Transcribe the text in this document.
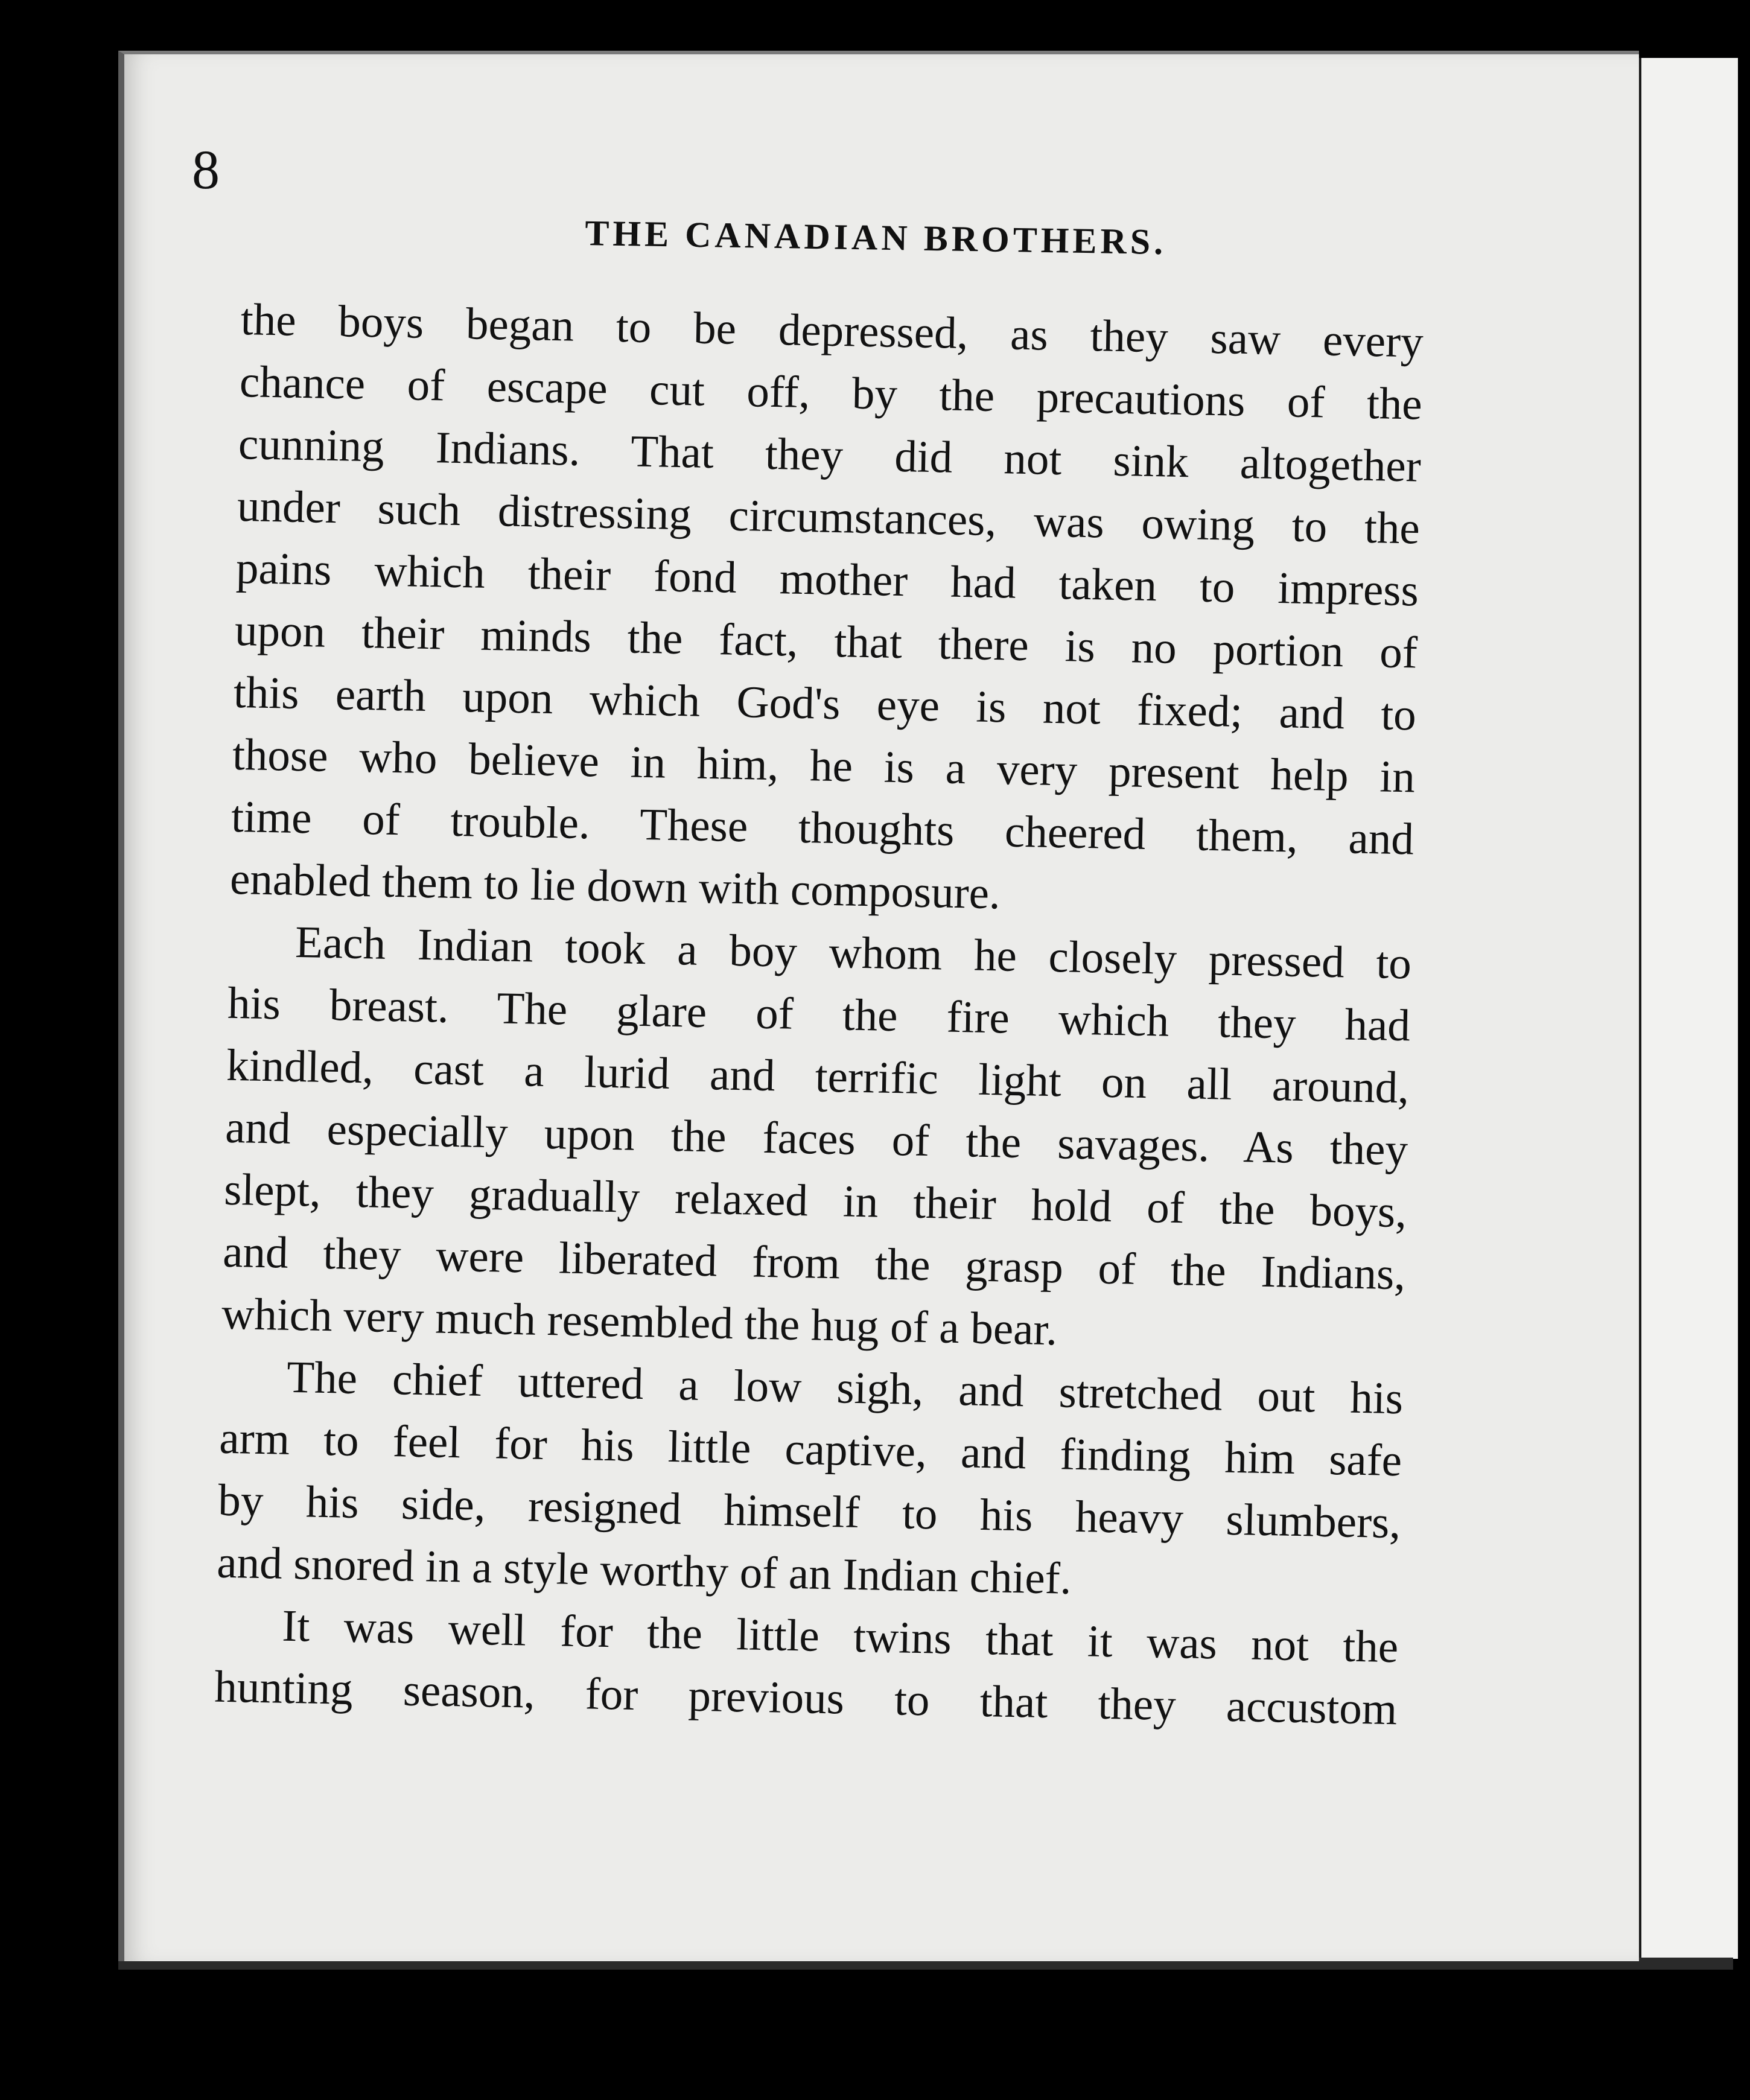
8
THE CANADIAN BROTHERS.
the boys began to be depressed, as they saw every
chance of escape cut off, by the precautions of the
cunning Indians. That they did not sink altogether
under such distressing circumstances, was owing to the
pains which their fond mother had taken to impress
upon their minds the fact, that there is no portion of
this earth upon which God's eye is not fixed; and to
those who believe in him, he is a very present help in
time of trouble. These thoughts cheered them, and
enabled them to lie down with composure.
Each Indian took a boy whom he closely pressed to
his breast. The glare of the fire which they had
kindled, cast a lurid and terrific light on all around,
and especially upon the faces of the savages. As they
slept, they gradually relaxed in their hold of the boys,
and they were liberated from the grasp of the Indians,
which very much resembled the hug of a bear.
The chief uttered a low sigh, and stretched out his
arm to feel for his little captive, and finding him safe
by his side, resigned himself to his heavy slumbers,
and snored in a style worthy of an Indian chief.
It was well for the little twins that it was not the
hunting season, for previous to that they accustom
